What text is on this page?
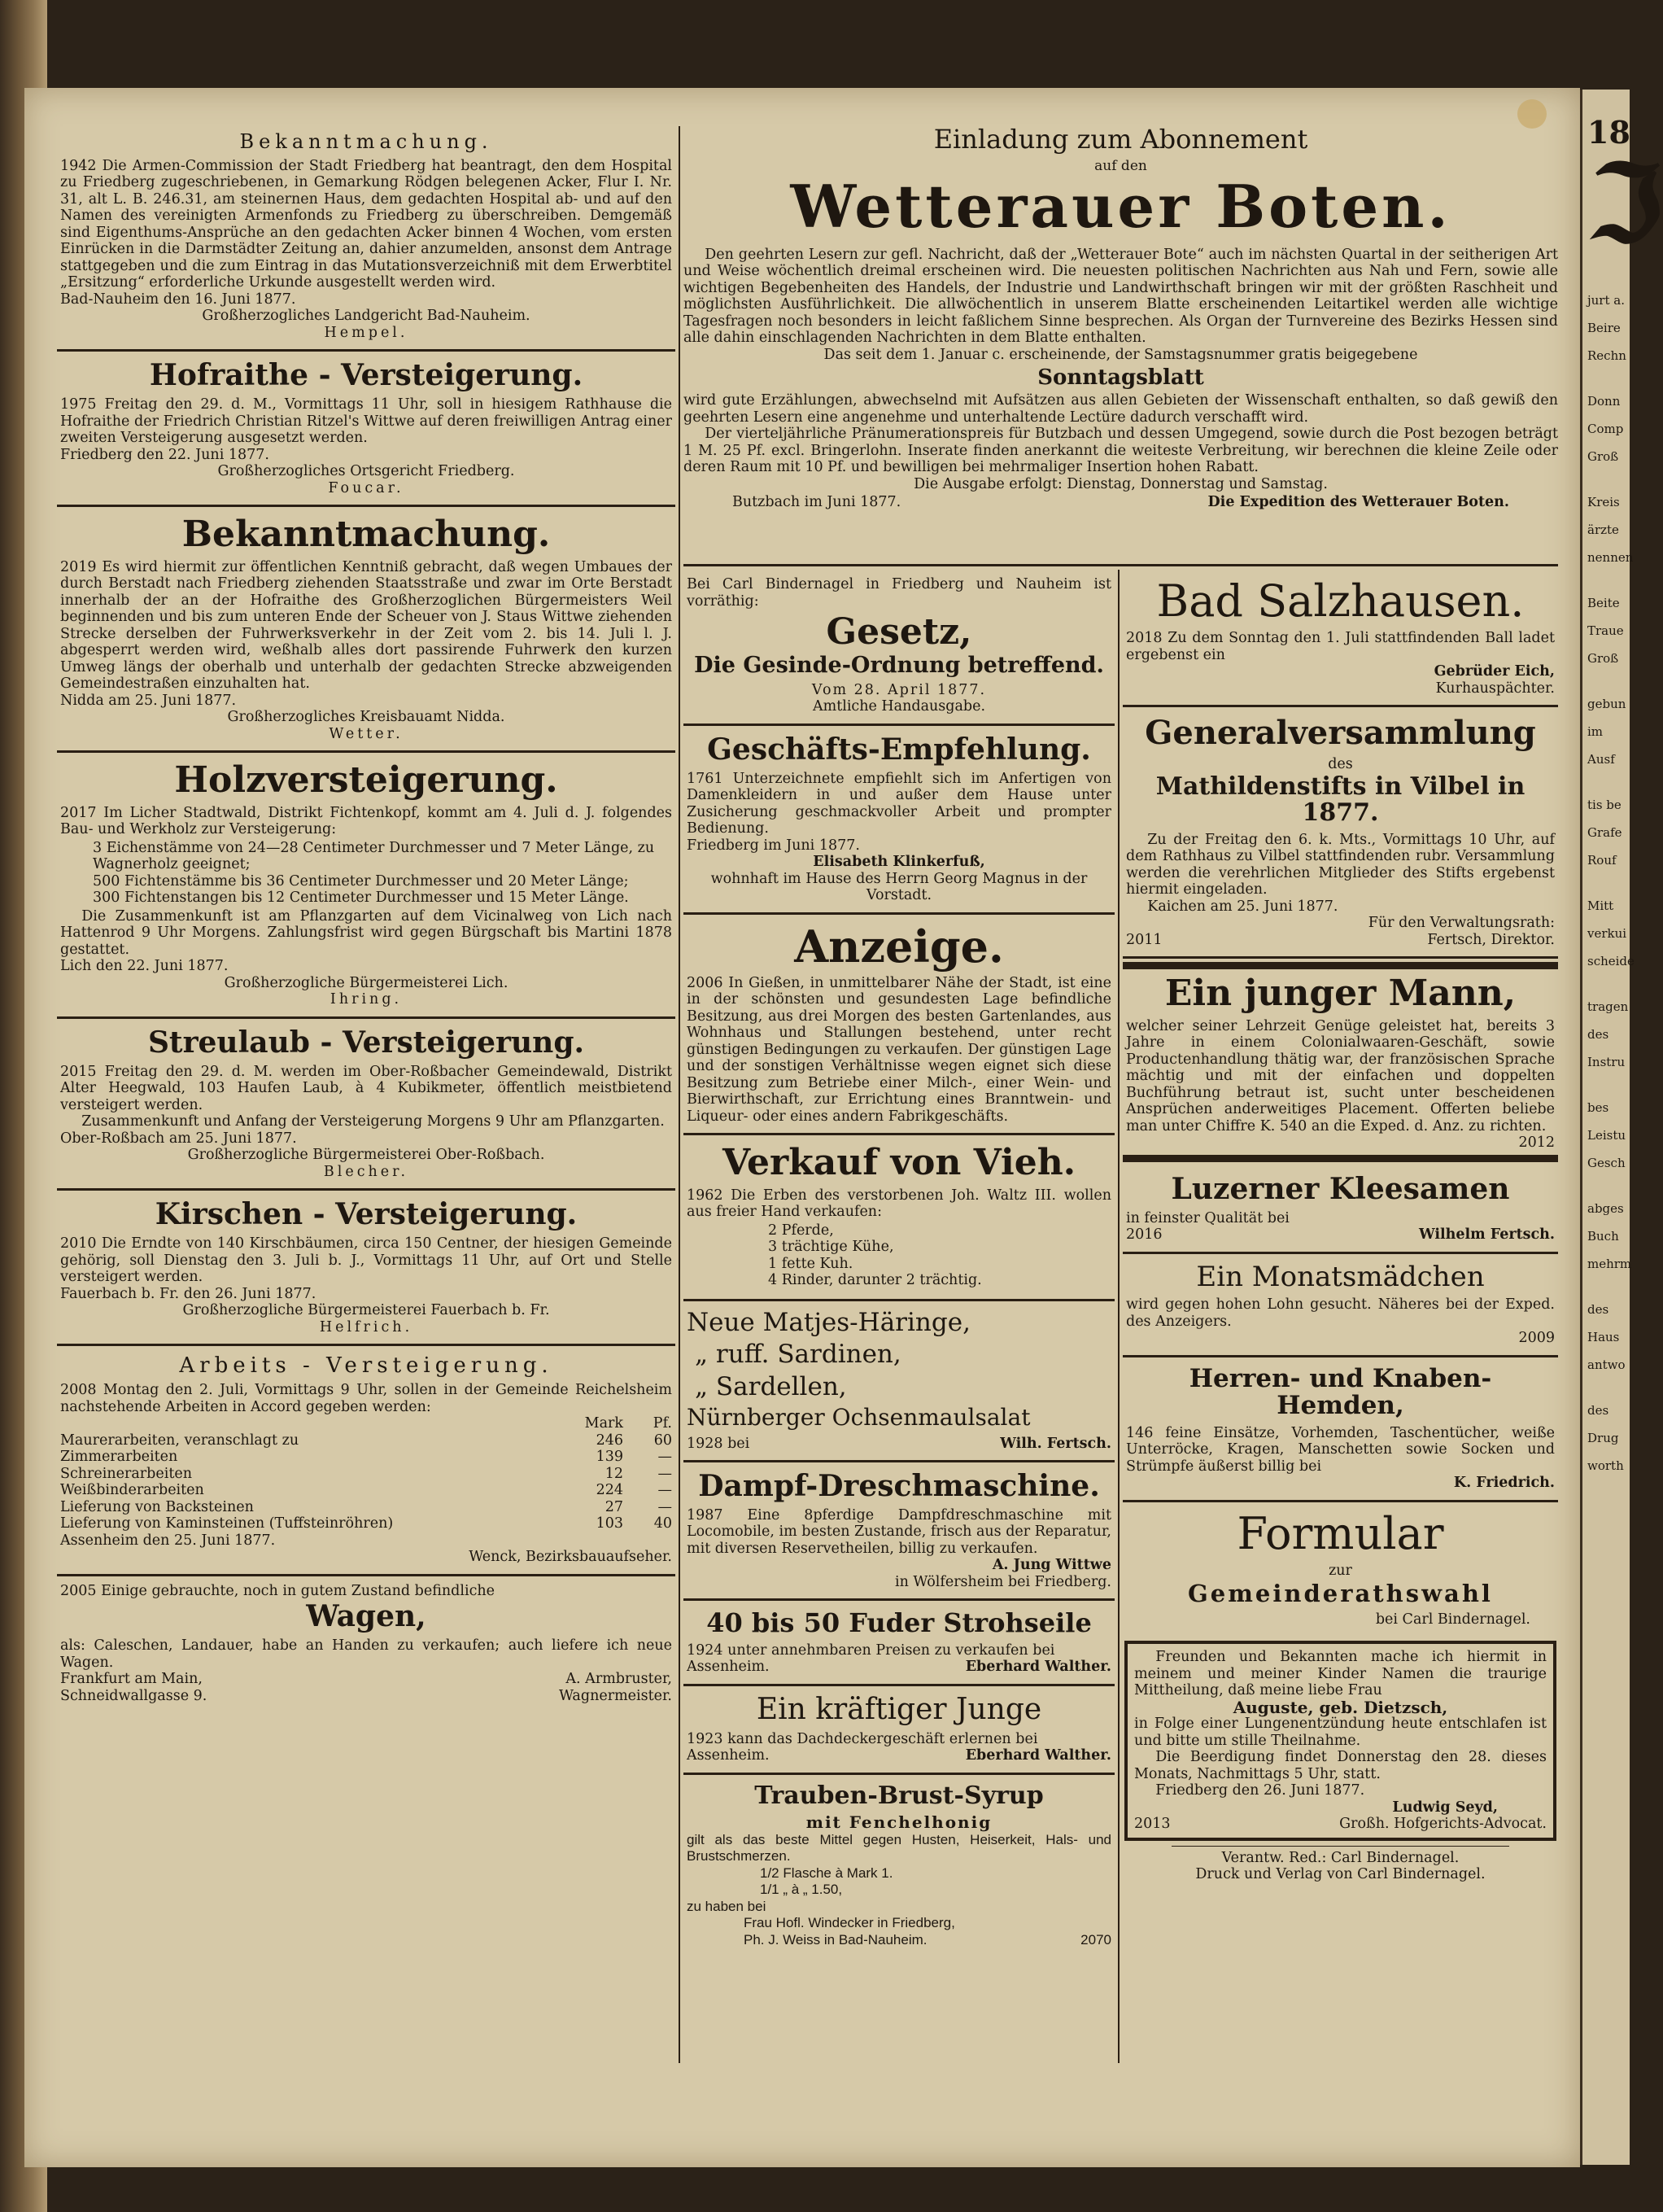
18
ℑ
jurt a.
Beire
Rechn
Donn
Comp
Groß
Kreis
ärzte
nennen
Beite
Traue
Groß
gebun
im
Ausf
tis be
Grafe
Rouf
Mitt
verkui
scheide
tragen
des
Instru
bes
Leistu
Gesch
abges
Buch
mehrm
des
Haus
antwo
des
Drug
worth
Bekanntmachung.

1942 Die Armen-Commission der Stadt Friedberg hat beantragt, den dem Hospital zu Friedberg zugeschriebenen, in Gemarkung Rödgen belegenen Acker, Flur I. Nr. 31, alt L. B. 246.31, am steinernen Haus, dem gedachten Hospital ab- und auf den Namen des vereinigten Armenfonds zu Friedberg zu überschreiben. Demgemäß sind Eigenthums-Ansprüche an den gedachten Acker binnen 4 Wochen, vom ersten Einrücken in die Darmstädter Zeitung an, dahier anzumelden, ansonst dem Antrage stattgegeben und die zum Eintrag in das Mutationsverzeichniß mit dem Erwerbtitel „Ersitzung“ erforderliche Urkunde ausgestellt werden wird.

Bad-Nauheim den 16. Juni 1877.

Großherzogliches Landgericht Bad-Nauheim.

Hempel.

Hofraithe - Versteigerung.

1975 Freitag den 29. d. M., Vormittags 11 Uhr, soll in hiesigem Rathhause die Hofraithe der Friedrich Christian Ritzel's Wittwe auf deren freiwilligen Antrag einer zweiten Versteigerung ausgesetzt werden.

Friedberg den 22. Juni 1877.

Großherzogliches Ortsgericht Friedberg.

Foucar.

Bekanntmachung.

2019 Es wird hiermit zur öffentlichen Kenntniß gebracht, daß wegen Umbaues der durch Berstadt nach Friedberg ziehenden Staatsstraße und zwar im Orte Berstadt innerhalb der an der Hofraithe des Großherzoglichen Bürgermeisters Weil beginnenden und bis zum unteren Ende der Scheuer von J. Staus Wittwe ziehenden Strecke derselben der Fuhrwerksverkehr in der Zeit vom 2. bis 14. Juli l. J. abgesperrt werden wird, weßhalb alles dort passirende Fuhrwerk den kurzen Umweg längs der oberhalb und unterhalb der gedachten Strecke abzweigenden Gemeindestraßen einzuhalten hat.

Nidda am 25. Juni 1877.

Großherzogliches Kreisbauamt Nidda.

Wetter.

Holzversteigerung.

2017 Im Licher Stadtwald, Distrikt Fichtenkopf, kommt am 4. Juli d. J. folgendes Bau- und Werkholz zur Versteigerung:

3 Eichenstämme von 24—28 Centimeter Durchmesser und 7 Meter Länge, zu Wagnerholz geeignet;
500 Fichtenstämme bis 36 Centimeter Durchmesser und 20 Meter Länge;
300 Fichtenstangen bis 12 Centimeter Durchmesser und 15 Meter Länge.

Die Zusammenkunft ist am Pflanzgarten auf dem Vicinalweg von Lich nach Hattenrod 9 Uhr Morgens. Zahlungsfrist wird gegen Bürgschaft bis Martini 1878 gestattet.

Lich den 22. Juni 1877.

Großherzogliche Bürgermeisterei Lich.

Ihring.

Streulaub - Versteigerung.

2015 Freitag den 29. d. M. werden im Ober-Roßbacher Gemeindewald, Distrikt Alter Heegwald, 103 Haufen Laub, à 4 Kubikmeter, öffentlich meistbietend versteigert werden.

Zusammenkunft und Anfang der Versteigerung Morgens 9 Uhr am Pflanzgarten.

Ober-Roßbach am 25. Juni 1877.

Großherzogliche Bürgermeisterei Ober-Roßbach.

Blecher.

Kirschen - Versteigerung.

2010 Die Erndte von 140 Kirschbäumen, circa 150 Centner, der hiesigen Gemeinde gehörig, soll Dienstag den 3. Juli b. J., Vormittags 11 Uhr, auf Ort und Stelle versteigert werden.

Fauerbach b. Fr. den 26. Juni 1877.

Großherzogliche Bürgermeisterei Fauerbach b. Fr.

Helfrich.

Arbeits - Versteigerung.

2008 Montag den 2. Juli, Vormittags 9 Uhr, sollen in der Gemeinde Reichelsheim nachstehende Arbeiten in Accord gegeben werden:

	Mark	Pf.
Maurerarbeiten, veranschlagt zu	246	60
Zimmerarbeiten	139	—
Schreinerarbeiten	12	—
Weißbinderarbeiten	224	—
Lieferung von Backsteinen	27	—
Lieferung von Kaminsteinen (Tuffsteinröhren)	103	40

Assenheim den 25. Juni 1877.

Wenck, Bezirksbauaufseher.

2005 Einige gebrauchte, noch in gutem Zustand befindliche

Wagen,

als: Caleschen, Landauer, habe an Handen zu verkaufen; auch liefere ich neue Wagen.

Frankfurt am Main,	A. Armbruster,
Schneidwallgasse 9.	Wagnermeister.
Einladung zum Abonnement
auf den
Wetterauer Boten.

Den geehrten Lesern zur gefl. Nachricht, daß der „Wetterauer Bote“ auch im nächsten Quartal in der seitherigen Art und Weise wöchentlich dreimal erscheinen wird. Die neuesten politischen Nachrichten aus Nah und Fern, sowie alle wichtigen Begebenheiten des Handels, der Industrie und Landwirthschaft bringen wir mit der größten Raschheit und möglichsten Ausführlichkeit. Die allwöchentlich in unserem Blatte erscheinenden Leitartikel werden alle wichtige Tagesfragen noch besonders in leicht faßlichem Sinne besprechen. Als Organ der Turnvereine des Bezirks Hessen sind alle dahin einschlagenden Nachrichten in dem Blatte enthalten.

Das seit dem 1. Januar c. erscheinende, der Samstagsnummer gratis beigegebene

Sonntagsblatt

wird gute Erzählungen, abwechselnd mit Aufsätzen aus allen Gebieten der Wissenschaft enthalten, so daß gewiß den geehrten Lesern eine angenehme und unterhaltende Lectüre dadurch verschafft wird.

Der vierteljährliche Pränumerationspreis für Butzbach und dessen Umgegend, sowie durch die Post bezogen beträgt 1 M. 25 Pf. excl. Bringerlohn. Inserate finden anerkannt die weiteste Verbreitung, wir berechnen die kleine Zeile oder deren Raum mit 10 Pf. und bewilligen bei mehrmaliger Insertion hohen Rabatt.

Die Ausgabe erfolgt: Dienstag, Donnerstag und Samstag.

Butzbach im Juni 1877.	Die Expedition des Wetterauer Boten.

Bei Carl Bindernagel in Friedberg und Nauheim ist vorräthig:

Gesetz,
Die Gesinde-Ordnung betreffend.

Vom 28. April 1877.

Amtliche Handausgabe.

Geschäfts-Empfehlung.

1761 Unterzeichnete empfiehlt sich im Anfertigen von Damenkleidern in und außer dem Hause unter Zusicherung geschmackvoller Arbeit und prompter Bedienung.

Friedberg im Juni 1877.

Elisabeth Klinkerfuß,

wohnhaft im Hause des Herrn Georg Magnus in der Vorstadt.

Anzeige.

2006 In Gießen, in unmittelbarer Nähe der Stadt, ist eine in der schönsten und gesundesten Lage befindliche Besitzung, aus drei Morgen des besten Gartenlandes, aus Wohnhaus und Stallungen bestehend, unter recht günstigen Bedingungen zu verkaufen. Der günstigen Lage und der sonstigen Verhältnisse wegen eignet sich diese Besitzung zum Betriebe einer Milch-, einer Wein- und Bierwirthschaft, zur Errichtung eines Branntwein- und Liqueur- oder eines andern Fabrikgeschäfts.

Verkauf von Vieh.

1962 Die Erben des verstorbenen Joh. Waltz III. wollen aus freier Hand verkaufen:

2 Pferde,
3 trächtige Kühe,
1 fette Kuh.
4 Rinder, darunter 2 trächtig.
Neue Matjes-Häringe,
„ ruff. Sardinen,
„ Sardellen,
Nürnberger Ochsenmaulsalat
1928 bei	Wilh. Fertsch.
Dampf-Dreschmaschine.

1987 Eine 8pferdige Dampfdreschmaschine mit Locomobile, im besten Zustande, frisch aus der Reparatur, mit diversen Reservetheilen, billig zu verkaufen.

A. Jung Wittwe

in Wölfersheim bei Friedberg.

40 bis 50 Fuder Strohseile

1924 unter annehmbaren Preisen zu verkaufen bei

Assenheim.	Eberhard Walther.
Ein kräftiger Junge

1923 kann das Dachdeckergeschäft erlernen bei

Assenheim.	Eberhard Walther.
Trauben-Brust-Syrup
mit Fenchelhonig

gilt als das beste Mittel gegen Husten, Heiserkeit, Hals- und Brustschmerzen.

1/2 Flasche à Mark 1.

1/1 „ à „ 1.50,

zu haben bei

Frau Hofl. Windecker in Friedberg,

Ph. J. Weiss in Bad-Nauheim.	2070
Bad Salzhausen.

2018 Zu dem Sonntag den 1. Juli stattfindenden Ball ladet ergebenst ein

Gebrüder Eich,

Kurhauspächter.

Generalversammlung

des

Mathildenstifts in Vilbel in 1877.

Zu der Freitag den 6. k. Mts., Vormittags 10 Uhr, auf dem Rathhaus zu Vilbel stattfindenden rubr. Versammlung werden die verehrlichen Mitglieder des Stifts ergebenst hiermit eingeladen.

Kaichen am 25. Juni 1877.

Für den Verwaltungsrath:

2011	Fertsch, Direktor.
Ein junger Mann,

welcher seiner Lehrzeit Genüge geleistet hat, bereits 3 Jahre in einem Colonialwaaren-Geschäft, sowie Productenhandlung thätig war, der französischen Sprache mächtig und mit der einfachen und doppelten Buchführung betraut ist, sucht unter bescheidenen Ansprüchen anderweitiges Placement. Offerten beliebe man unter Chiffre K. 540 an die Exped. d. Anz. zu richten.

2012

Luzerner Kleesamen

in feinster Qualität bei

2016	Wilhelm Fertsch.
Ein Monatsmädchen

wird gegen hohen Lohn gesucht. Näheres bei der Exped. des Anzeigers.

2009

Herren- und Knaben-Hemden,

146 feine Einsätze, Vorhemden, Taschentücher, weiße Unterröcke, Kragen, Manschetten sowie Socken und Strümpfe äußerst billig bei

K. Friedrich.

Formular

zur

Gemeinderathswahl

bei Carl Bindernagel.

Freunden und Bekannten mache ich hiermit in meinem und meiner Kinder Namen die traurige Mittheilung, daß meine liebe Frau

Auguste, geb. Dietzsch,

in Folge einer Lungenentzündung heute entschlafen ist und bitte um stille Theilnahme.

Die Beerdigung findet Donnerstag den 28. dieses Monats, Nachmittags 5 Uhr, statt.

Friedberg den 26. Juni 1877.

Ludwig Seyd,

2013	Großh. Hofgerichts-Advocat.

Verantw. Red.: Carl Bindernagel.

Druck und Verlag von Carl Bindernagel.
